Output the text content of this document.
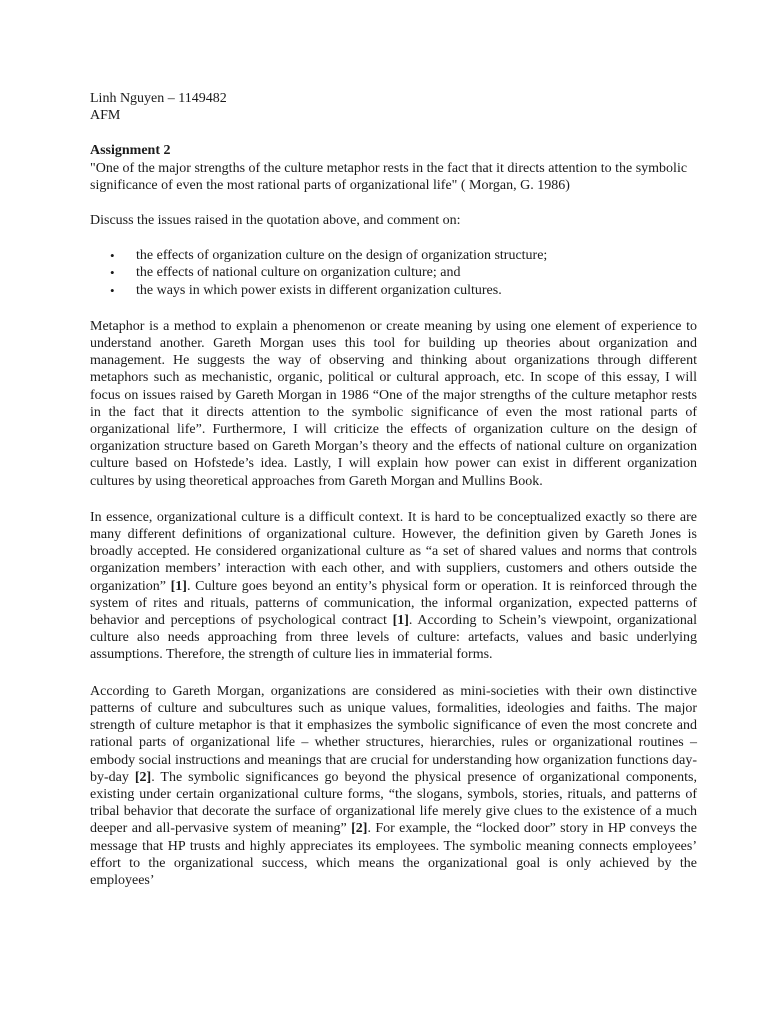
Linh Nguyen – 1149482

AFM

Assignment 2

"One of the major strengths of the culture metaphor rests in the fact that it directs attention to the symbolic significance of even the most rational parts of organizational life" ( Morgan, G. 1986)

Discuss the issues raised in the quotation above, and comment on:

• the effects of organization culture on the design of organization structure;
• the effects of national culture on organization culture; and
• the ways in which power exists in different organization cultures.

Metaphor is a method to explain a phenomenon or create meaning by using one element of experience to understand another. Gareth Morgan uses this tool for building up theories about organization and management. He suggests the way of observing and thinking about organizations through different metaphors such as mechanistic, organic, political or cultural approach, etc. In scope of this essay, I will focus on issues raised by Gareth Morgan in 1986 “One of the major strengths of the culture metaphor rests in the fact that it directs attention to the symbolic significance of even the most rational parts of organizational life”. Furthermore, I will criticize the effects of organization culture on the design of organization structure based on Gareth Morgan’s theory and the effects of national culture on organization culture based on Hofstede’s idea. Lastly, I will explain how power can exist in different organization cultures by using theoretical approaches from Gareth Morgan and Mullins Book.

In essence, organizational culture is a difficult context. It is hard to be conceptualized exactly so there are many different definitions of organizational culture. However, the definition given by Gareth Jones is broadly accepted. He considered organizational culture as “a set of shared values and norms that controls organization members’ interaction with each other, and with suppliers, customers and others outside the organization” [1]. Culture goes beyond an entity’s physical form or operation. It is reinforced through the system of rites and rituals, patterns of communication, the informal organization, expected patterns of behavior and perceptions of psychological contract [1]. According to Schein’s viewpoint, organizational culture also needs approaching from three levels of culture: artefacts, values and basic underlying assumptions. Therefore, the strength of culture lies in immaterial forms.

According to Gareth Morgan, organizations are considered as mini-societies with their own distinctive patterns of culture and subcultures such as unique values, formalities, ideologies and faiths. The major strength of culture metaphor is that it emphasizes the symbolic significance of even the most concrete and rational parts of organizational life – whether structures, hierarchies, rules or organizational routines – embody social instructions and meanings that are crucial for understanding how organization functions day-by-day [2]. The symbolic significances go beyond the physical presence of organizational components, existing under certain organizational culture forms, “the slogans, symbols, stories, rituals, and patterns of tribal behavior that decorate the surface of organizational life merely give clues to the existence of a much deeper and all-pervasive system of meaning” [2]. For example, the “locked door” story in HP conveys the message that HP trusts and highly appreciates its employees. The symbolic meaning connects employees’ effort to the organizational success, which means the organizational goal is only achieved by the employees’
